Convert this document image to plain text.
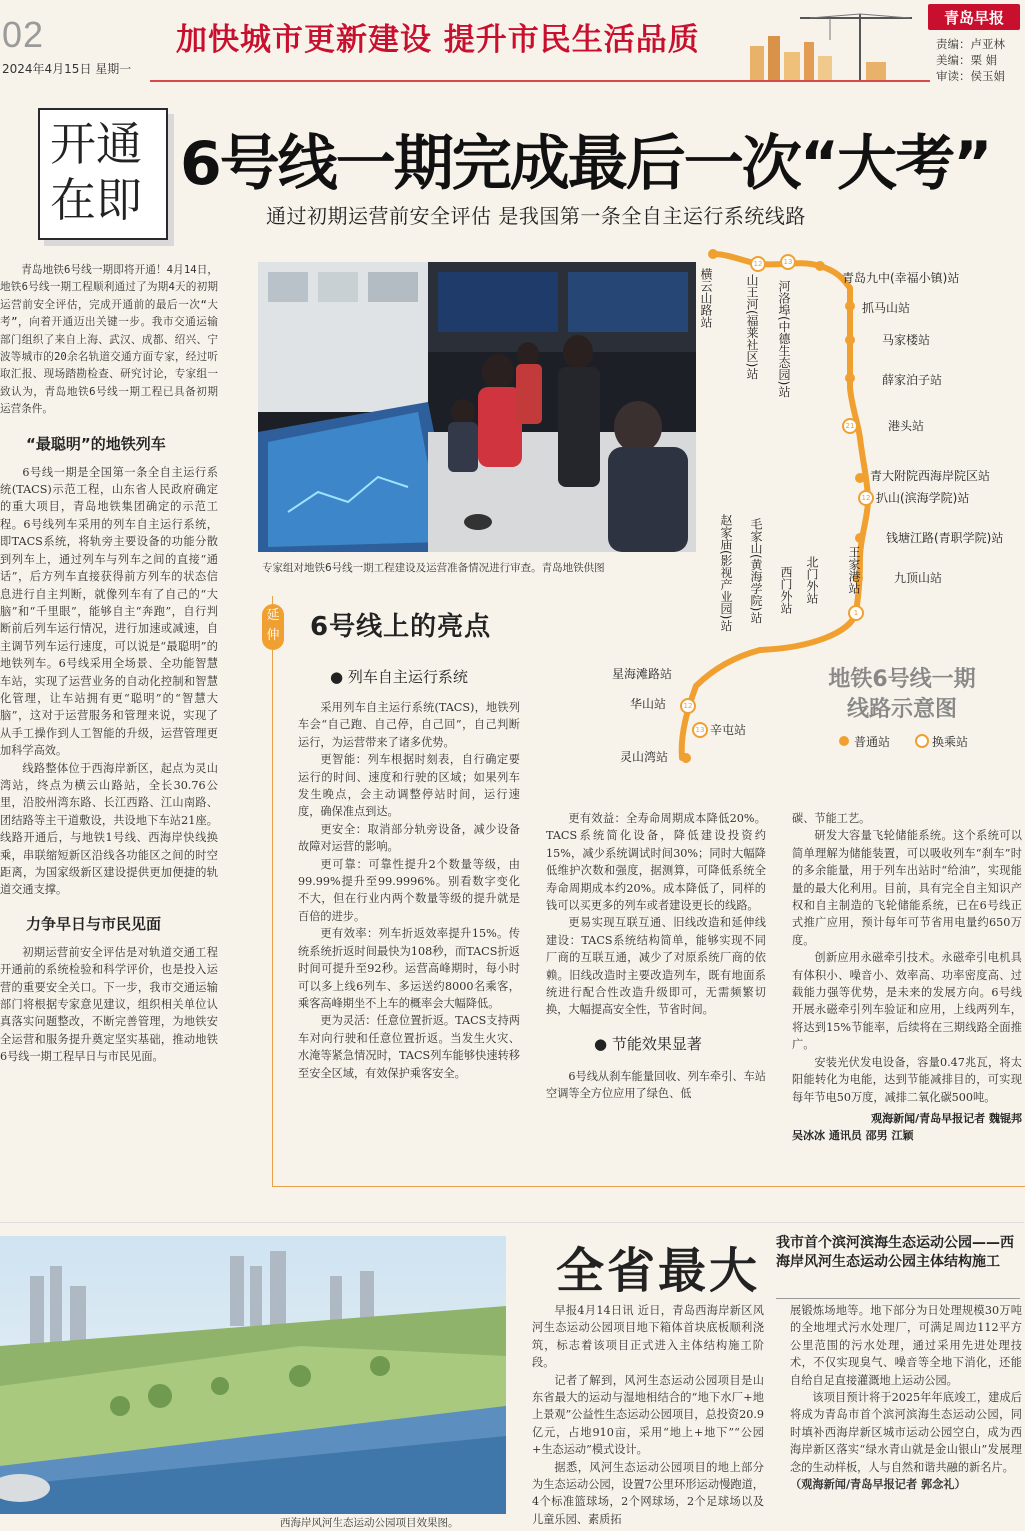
02
2024年4月15日 星期一
加快城市更新建设 提升市民生活品质
青岛早报
责编：卢亚林
美编：栗 娟
审读：侯玉娟
开通
在即
6号线一期完成最后一次“大考”
通过初期运营前安全评估 是我国第一条全自主运行系统线路

青岛地铁6号线一期即将开通！4月14日，地铁6号线一期工程顺利通过了为期4天的初期运营前安全评估，完成开通前的最后一次“大考”，向着开通迈出关键一步。我市交通运输部门组织了来自上海、武汉、成都、绍兴、宁波等城市的20余名轨道交通方面专家，经过听取汇报、现场踏勘检查、研究讨论，专家组一致认为，青岛地铁6号线一期工程已具备初期运营条件。

“最聪明”的地铁列车

6号线一期是全国第一条全自主运行系统(TACS)示范工程，山东省人民政府确定的重大项目，青岛地铁集团确定的示范工程。6号线列车采用的列车自主运行系统，即TACS系统，将轨旁主要设备的功能分散到列车上，通过列车与列车之间的直接“通话”，后方列车直接获得前方列车的状态信息进行自主判断，就像列车有了自己的“大脑”和“千里眼”，能够自主“奔跑”，自行判断前后列车运行情况，进行加速或减速，自主调节列车运行速度，可以说是“最聪明”的地铁列车。6号线采用全场景、全功能智慧车站，实现了运营业务的自动化控制和智慧化管理，让车站拥有更“聪明”的“智慧大脑”，这对于运营服务和管理来说，实现了从手工操作到人工智能的升级，运营管理更加科学高效。

线路整体位于西海岸新区，起点为灵山湾站，终点为横云山路站，全长30.76公里，沿胶州湾东路、长江西路、江山南路、团结路等主干道敷设，共设地下车站21座。线路开通后，与地铁1号线、西海岸快线换乘，串联缩短新区沿线各功能区之间的时空距离，为国家级新区建设提供更加便捷的轨道交通支撑。

力争早日与市民见面

初期运营前安全评估是对轨道交通工程开通前的系统检验和科学评价，也是投入运营的重要安全关口。下一步，我市交通运输部门将根据专家意见建议，组织相关单位认真落实问题整改，不断完善管理，为地铁安全运营和服务提升奠定坚实基础，推动地铁6号线一期工程早日与市民见面。

专家组对地铁6号线一期工程建设及运营准备情况进行审查。青岛地铁供图
12	13
21
12
1
12
13
青岛九中(幸福小镇)站
抓马山站
马家楼站
薛家泊子站
港头站
青大附院西海岸院区站
扒山(滨海学院)站
钱塘江路(青职学院)站
九顶山站
横云山路站	山王河(福莱社区)站 河洛埠(中德生态园)站
赵家庙(影视产业园)站 毛家山(黄海学院)站 西门外站 北门外站 王家港站
星海滩路站
华山站
辛屯站
灵山湾站
地铁6号线一期
线路示意图
普通站	换乘站
延伸 6号线上的亮点
● 列车自主运行系统

采用列车自主运行系统(TACS)，地铁列车会“自己跑、自己停，自己回”，自己判断运行，为运营带来了诸多优势。

更智能：列车根据时刻表，自行确定要运行的时间、速度和行驶的区域；如果列车发生晚点，会主动调整停站时间，运行速度，确保准点到达。

更安全：取消部分轨旁设备，减少设备故障对运营的影响。

更可靠：可靠性提升2个数量等级，由99.99%提升至99.9996%。别看数字变化不大，但在行业内两个数量等级的提升就是百倍的进步。

更有效率：列车折返效率提升15%。传统系统折返时间最快为108秒，而TACS折返时间可提升至92秒。运营高峰期时，每小时可以多上线6列车、多运送约8000名乘客，乘客高峰期坐不上车的概率会大幅降低。

更为灵活：任意位置折返。TACS支持两车对向行驶和任意位置折返。当发生火灾、水淹等紧急情况时，TACS列车能够快速转移至安全区域，有效保护乘客安全。

更有效益：全寿命周期成本降低20%。TACS系统简化设备，降低建设投资约15%，减少系统调试时间30%；同时大幅降低维护次数和强度，据测算，可降低系统全寿命周期成本约20%。成本降低了，同样的钱可以买更多的列车或者建设更长的线路。

更易实现互联互通、旧线改造和延伸线建设：TACS系统结构简单，能够实现不同厂商的互联互通，减少了对原系统厂商的依赖。旧线改造时主要改造列车，既有地面系统进行配合性改造升级即可，无需频繁切换，大幅提高安全性，节省时间。

● 节能效果显著

6号线从刹车能量回收、列车牵引、车站空调等全方位应用了绿色、低

碳、节能工艺。

研发大容量飞轮储能系统。这个系统可以简单理解为储能装置，可以吸收列车“刹车”时的多余能量，用于列车出站时“给油”，实现能量的最大化利用。目前，具有完全自主知识产权和自主制造的飞轮储能系统，已在6号线正式推广应用，预计每年可节省用电量约650万度。

创新应用永磁牵引技术。永磁牵引电机具有体积小、噪音小、效率高、功率密度高、过载能力强等优势，是未来的发展方向。6号线开展永磁牵引列车验证和应用，上线两列车，将达到15%节能率，后续将在三期线路全面推广。

安装光伏发电设备，容量0.47兆瓦，将太阳能转化为电能，达到节能减排目的，可实现每年节电50万度，减排二氧化碳500吨。

观海新闻/青岛早报记者 魏锟邦
吴冰冰 通讯员 邵男 江颖
西海岸风河生态运动公园项目效果图。
全省最大 我市首个滨河滨海生态运动公园——西海岸风河生态运动公园主体结构施工

早报4月14日讯 近日，青岛西海岸新区风河生态运动公园项目地下箱体首块底板顺利浇筑，标志着该项目正式进入主体结构施工阶段。

记者了解到，风河生态运动公园项目是山东省最大的运动与湿地相结合的“地下水厂+地上景观”公益性生态运动公园项目，总投资20.9亿元，占地910亩，采用“地上+地下”“公园+生态运动”模式设计。

据悉，风河生态运动公园项目的地上部分为生态运动公园，设置7公里环形运动慢跑道，4个标准篮球场，2个网球场，2个足球场以及儿童乐园、素质拓

展锻炼场地等。地下部分为日处理规模30万吨的全地埋式污水处理厂，可满足周边112平方公里范围的污水处理，通过采用先进处理技术，不仅实现臭气、噪音等全地下消化，还能自给自足直接灌溉地上运动公园。

该项目预计将于2025年年底竣工，建成后将成为青岛市首个滨河滨海生态运动公园，同时填补西海岸新区城市运动公园空白，成为西海岸新区落实“绿水青山就是金山银山”发展理念的生动样板，人与自然和谐共融的新名片。

（观海新闻/青岛早报记者 郭念礼）
